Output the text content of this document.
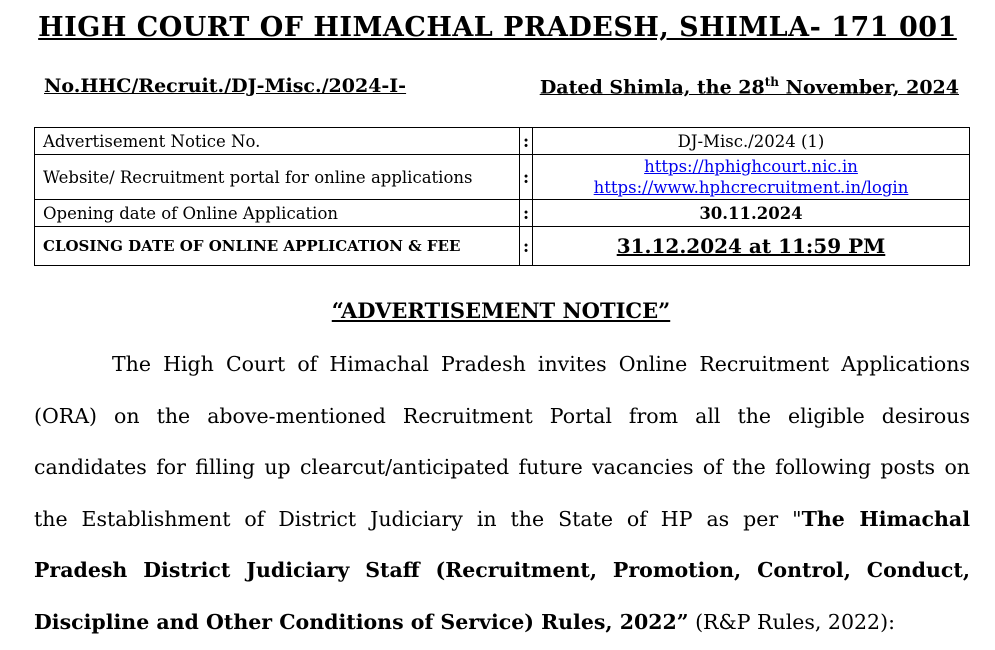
HIGH COURT OF HIMACHAL PRADESH, SHIMLA- 171 001
No.HHC/Recruit./DJ-Misc./2024-I-	Dated Shimla, the 28th November, 2024
Advertisement Notice No.	:	DJ-Misc./2024 (1)
Website/ Recruitment portal for online applications	:	https://hphighcourt.nic.in
https://www.hphcrecruitment.in/login

Opening date of Online Application	:	30.11.2024
CLOSING DATE OF ONLINE APPLICATION & FEE	:	31.12.2024 at 11:59 PM
“ADVERTISEMENT NOTICE”

The High Court of Himachal Pradesh invites Online Recruitment Applications (ORA) on the above-mentioned Recruitment Portal from all the eligible desirous candidates for filling up clearcut/anticipated future vacancies of the following posts on the Establishment of District Judiciary in the State of HP as per "The Himachal Pradesh District Judiciary Staff (Recruitment, Promotion, Control, Conduct, Discipline and Other Conditions of Service) Rules, 2022” (R&P Rules, 2022):
